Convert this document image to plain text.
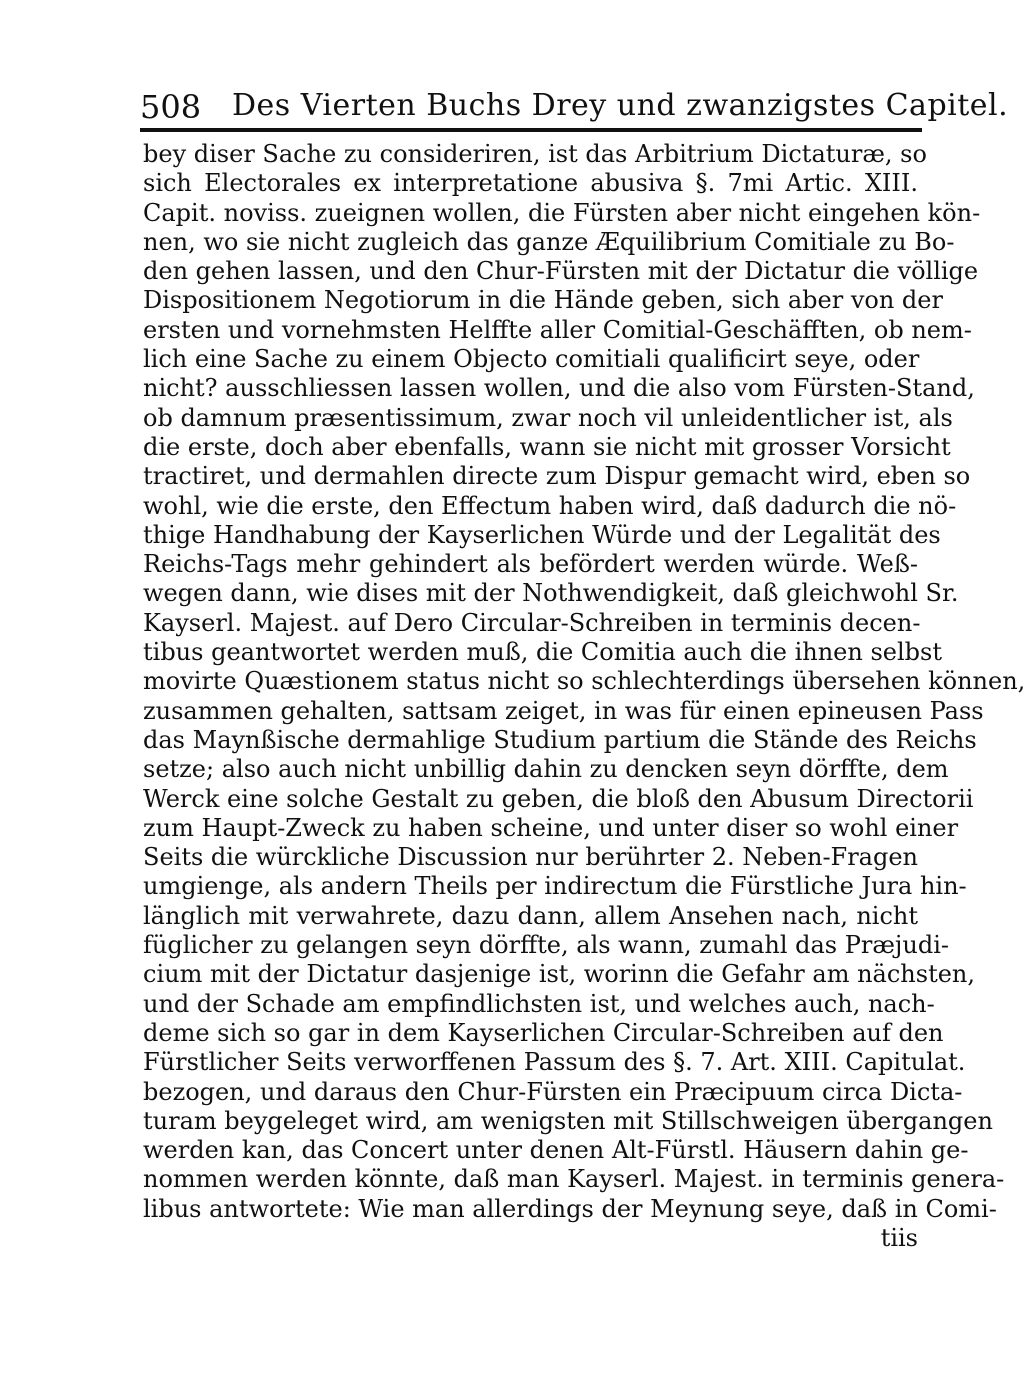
508 Des Vierten Buchs Drey und zwanzigstes Capitel.
bey diser Sache zu consideriren, ist das Arbitrium Dictaturæ, so
sich Electorales ex interpretatione abusiva §. 7mi Artic. XIII.
Capit. noviss. zueignen wollen, die Fürsten aber nicht eingehen kön-
nen, wo sie nicht zugleich das ganze Æquilibrium Comitiale zu Bo-
den gehen lassen, und den Chur-Fürsten mit der Dictatur die völlige
Dispositionem Negotiorum in die Hände geben, sich aber von der
ersten und vornehmsten Helffte aller Comitial-Geschäfften, ob nem-
lich eine Sache zu einem Objecto comitiali qualificirt seye, oder
nicht? ausschliessen lassen wollen, und die also vom Fürsten-Stand,
ob damnum præsentissimum, zwar noch vil unleidentlicher ist, als
die erste, doch aber ebenfalls, wann sie nicht mit grosser Vorsicht
tractiret, und dermahlen directe zum Dispur gemacht wird, eben so
wohl, wie die erste, den Effectum haben wird, daß dadurch die nö-
thige Handhabung der Kayserlichen Würde und der Legalität des
Reichs-Tags mehr gehindert als befördert werden würde. Weß-
wegen dann, wie dises mit der Nothwendigkeit, daß gleichwohl Sr.
Kayserl. Majest. auf Dero Circular-Schreiben in terminis decen-
tibus geantwortet werden muß, die Comitia auch die ihnen selbst
movirte Quæstionem status nicht so schlechterdings übersehen können,
zusammen gehalten, sattsam zeiget, in was für einen epineusen Pass
das Maynßische dermahlige Studium partium die Stände des Reichs
setze; also auch nicht unbillig dahin zu dencken seyn dörffte, dem
Werck eine solche Gestalt zu geben, die bloß den Abusum Directorii
zum Haupt-Zweck zu haben scheine, und unter diser so wohl einer
Seits die würckliche Discussion nur berührter 2. Neben-Fragen
umgienge, als andern Theils per indirectum die Fürstliche Jura hin-
länglich mit verwahrete, dazu dann, allem Ansehen nach, nicht
füglicher zu gelangen seyn dörffte, als wann, zumahl das Præjudi-
cium mit der Dictatur dasjenige ist, worinn die Gefahr am nächsten,
und der Schade am empfindlichsten ist, und welches auch, nach-
deme sich so gar in dem Kayserlichen Circular-Schreiben auf den
Fürstlicher Seits verworffenen Passum des §. 7. Art. XIII. Capitulat.
bezogen, und daraus den Chur-Fürsten ein Præcipuum circa Dicta-
turam beygeleget wird, am wenigsten mit Stillschweigen übergangen
werden kan, das Concert unter denen Alt-Fürstl. Häusern dahin ge-
nommen werden könnte, daß man Kayserl. Majest. in terminis genera-
libus antwortete: Wie man allerdings der Meynung seye, daß in Comi-
tiis
